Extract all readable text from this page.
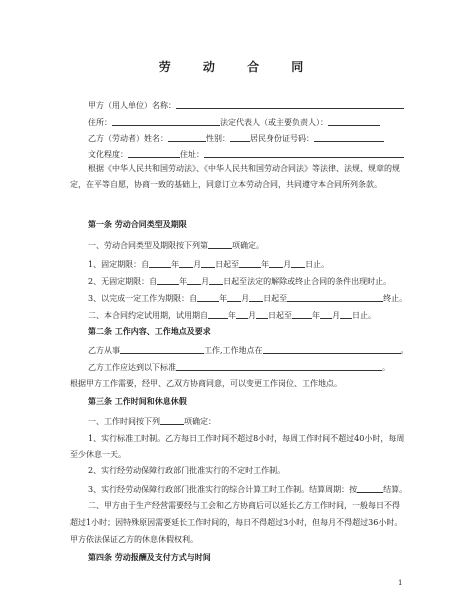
劳 动 合 同
甲方（用人单位）名称：
住所：	法定代表人（或主要负责人）：
乙方（劳动者）姓名：	性别：	居民身份证号码：
文化程度：	住址：
根据《中华人民共和国劳动法》、《中华人民共和国劳动合同法》等法律、法规、规章的规
定，在平等自愿，协商一致的基础上，同意订立本劳动合同，共同遵守本合同所列条款。
第一条 劳动合同类型及期限
一、劳动合同类型及期限按下列第	项确定。
1、固定期限：自	年 月 日起至	年 月 日止。
2、无固定期限：自	年 月 日起至法定的解除或终止合同的条件出现时止。
3、以完成一定工作为期限：自	年 月 日起至	终止。
二、本合同约定试用期，试用期自	年 月 日起至	年 月 日止。
第二条 工作内容、工作地点及要求
乙方从事	工作,工作地点在	。
乙方工作应达到以下标准	。
根据甲方工作需要，经甲、乙双方协商同意，可以变更工作岗位、工作地点。
第三条 工作时间和休息休假
一、工作时间按下列	项确定：
1、实行标准工时制。乙方每日工作时间不超过8小时，每周工作时间不超过40小时，每周
至少休息一天。
2、实行经劳动保障行政部门批准实行的不定时工作制。
3、实行经劳动保障行政部门批准实行的综合计算工时工作制。结算周期：按	结算。
二、甲方由于生产经营需要经与工会和乙方协商后可以延长乙方工作时间，一般每日不得
超过1小时；因特殊原因需要延长工作时间的，每日不得超过3小时，但每月不得超过36小时。
甲方依法保证乙方的休息休假权利。
第四条 劳动报酬及支付方式与时间
1
